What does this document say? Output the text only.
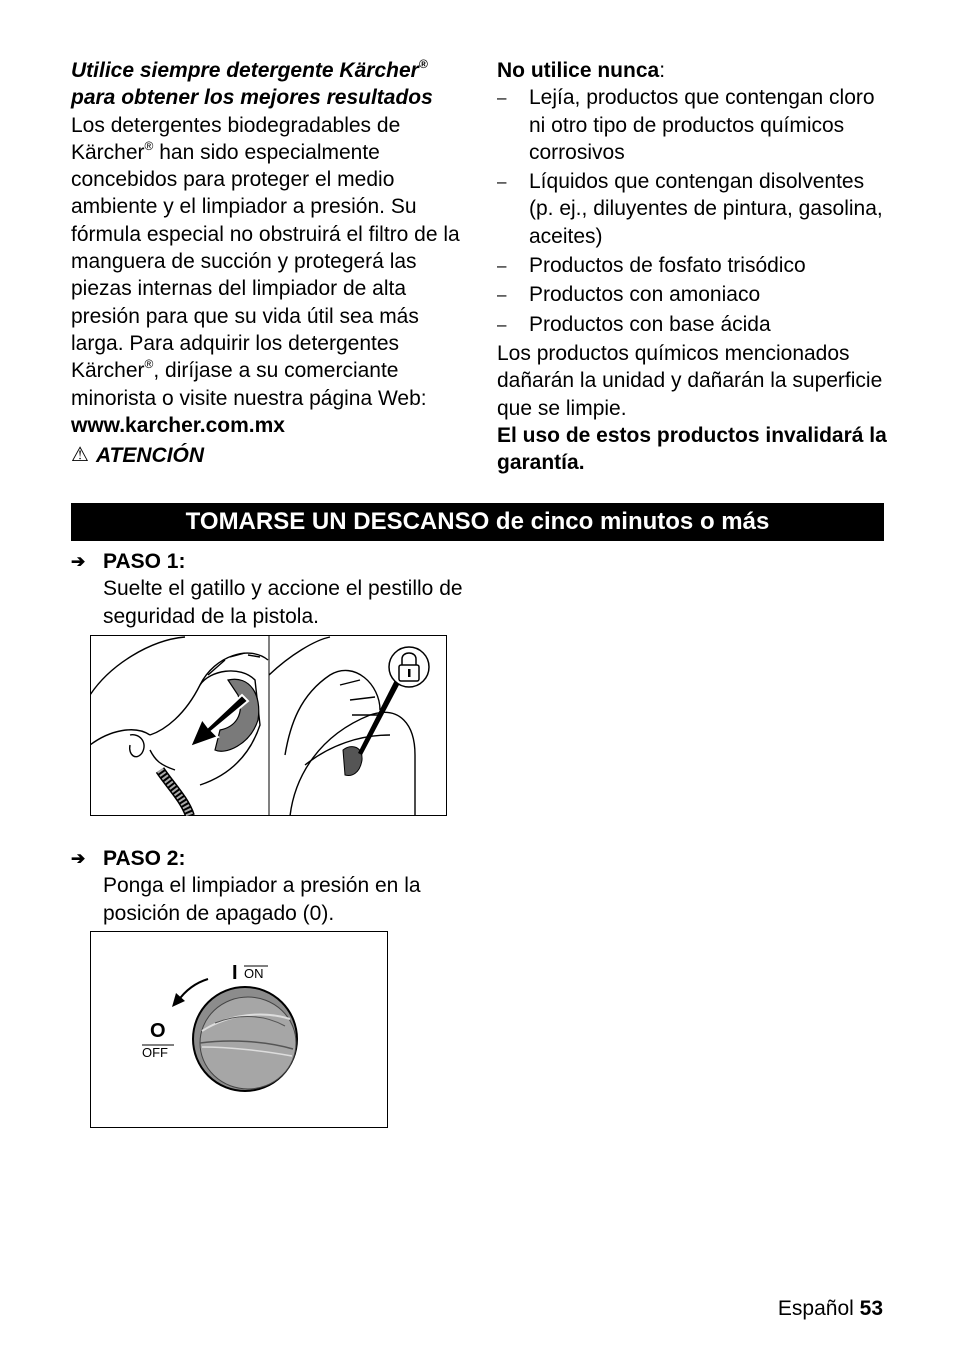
Utilice siempre detergente Kärcher®
para obtener los mejores resultados

Los detergentes biodegradables de Kärcher® han sido especialmente concebidos para proteger el medio ambiente y el limpiador a presión. Su fórmula especial no obstruirá el filtro de la manguera de succión y protegerá las piezas internas del limpiador de alta presión para que su vida útil sea más larga. Para adquirir los detergentes Kärcher®, diríjase a su comerciante minorista o visite nuestra página Web:

www.karcher.com.mx

⚠ ATENCIÓN

No utilice nunca:

– Lejía, productos que contengan cloro ni otro tipo de productos químicos corrosivos
– Líquidos que contengan disolventes (p. ej., diluyentes de pintura, gasolina, aceites)
– Productos de fosfato trisódico
– Productos con amoniaco
– Productos con base ácida

Los productos químicos mencionados dañarán la unidad y dañarán la superficie que se limpie.

El uso de estos productos invalidará la garantía.

TOMARSE UN DESCANSO de cinco minutos o más
➔ PASO 1:
Suelte el gatillo y accione el pestillo de seguridad de la pistola.
➔ PASO 2:
Ponga el limpiador a presión en la posición de apagado (0).
I ON
O
OFF
Español 53
